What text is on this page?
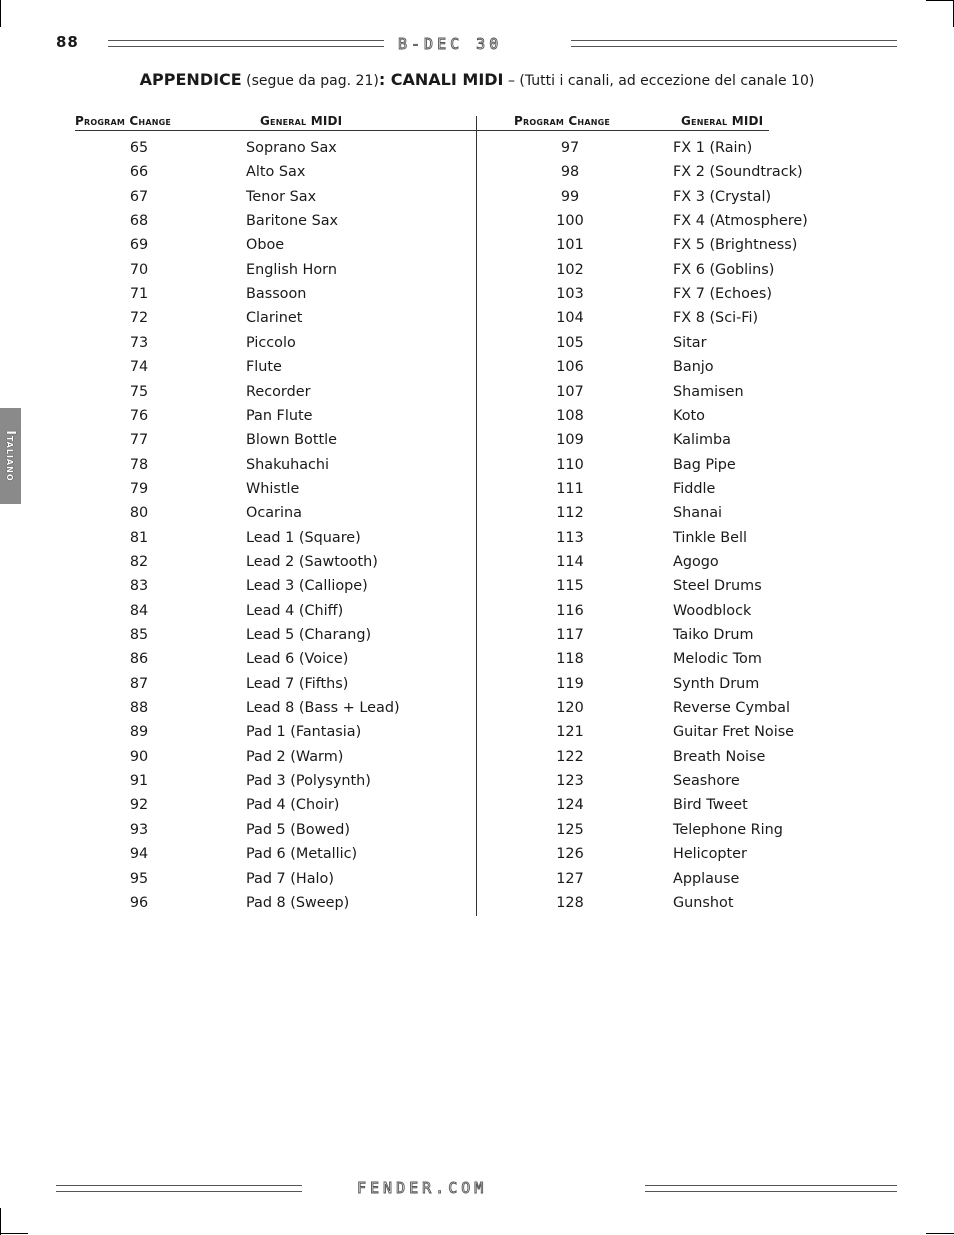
88	B-DEC 30
APPENDICE (segue da pag. 21): CANALI MIDI – (Tutti i canali, ad eccezione del canale 10)
Program Change	General MIDI	Program Change	General MIDI
65	Soprano Sax
66	Alto Sax
67	Tenor Sax
68	Baritone Sax
69	Oboe
70	English Horn
71	Bassoon
72	Clarinet
73	Piccolo
74	Flute
75	Recorder
76	Pan Flute
77	Blown Bottle
78	Shakuhachi
79	Whistle
80	Ocarina
81	Lead 1 (Square)
82	Lead 2 (Sawtooth)
83	Lead 3 (Calliope)
84	Lead 4 (Chiff)
85	Lead 5 (Charang)
86	Lead 6 (Voice)
87	Lead 7 (Fifths)
88	Lead 8 (Bass + Lead)
89	Pad 1 (Fantasia)
90	Pad 2 (Warm)
91	Pad 3 (Polysynth)
92	Pad 4 (Choir)
93	Pad 5 (Bowed)
94	Pad 6 (Metallic)
95	Pad 7 (Halo)
96	Pad 8 (Sweep)
97	FX 1 (Rain)
98	FX 2 (Soundtrack)
99	FX 3 (Crystal)
100	FX 4 (Atmosphere)
101	FX 5 (Brightness)
102	FX 6 (Goblins)
103	FX 7 (Echoes)
104	FX 8 (Sci-Fi)
105	Sitar
106	Banjo
107	Shamisen
108	Koto
109	Kalimba
110	Bag Pipe
111	Fiddle
112	Shanai
113	Tinkle Bell
114	Agogo
115	Steel Drums
116	Woodblock
117	Taiko Drum
118	Melodic Tom
119	Synth Drum
120	Reverse Cymbal
121	Guitar Fret Noise
122	Breath Noise
123	Seashore
124	Bird Tweet
125	Telephone Ring
126	Helicopter
127	Applause
128	Gunshot
Italiano
FENDER.COM
